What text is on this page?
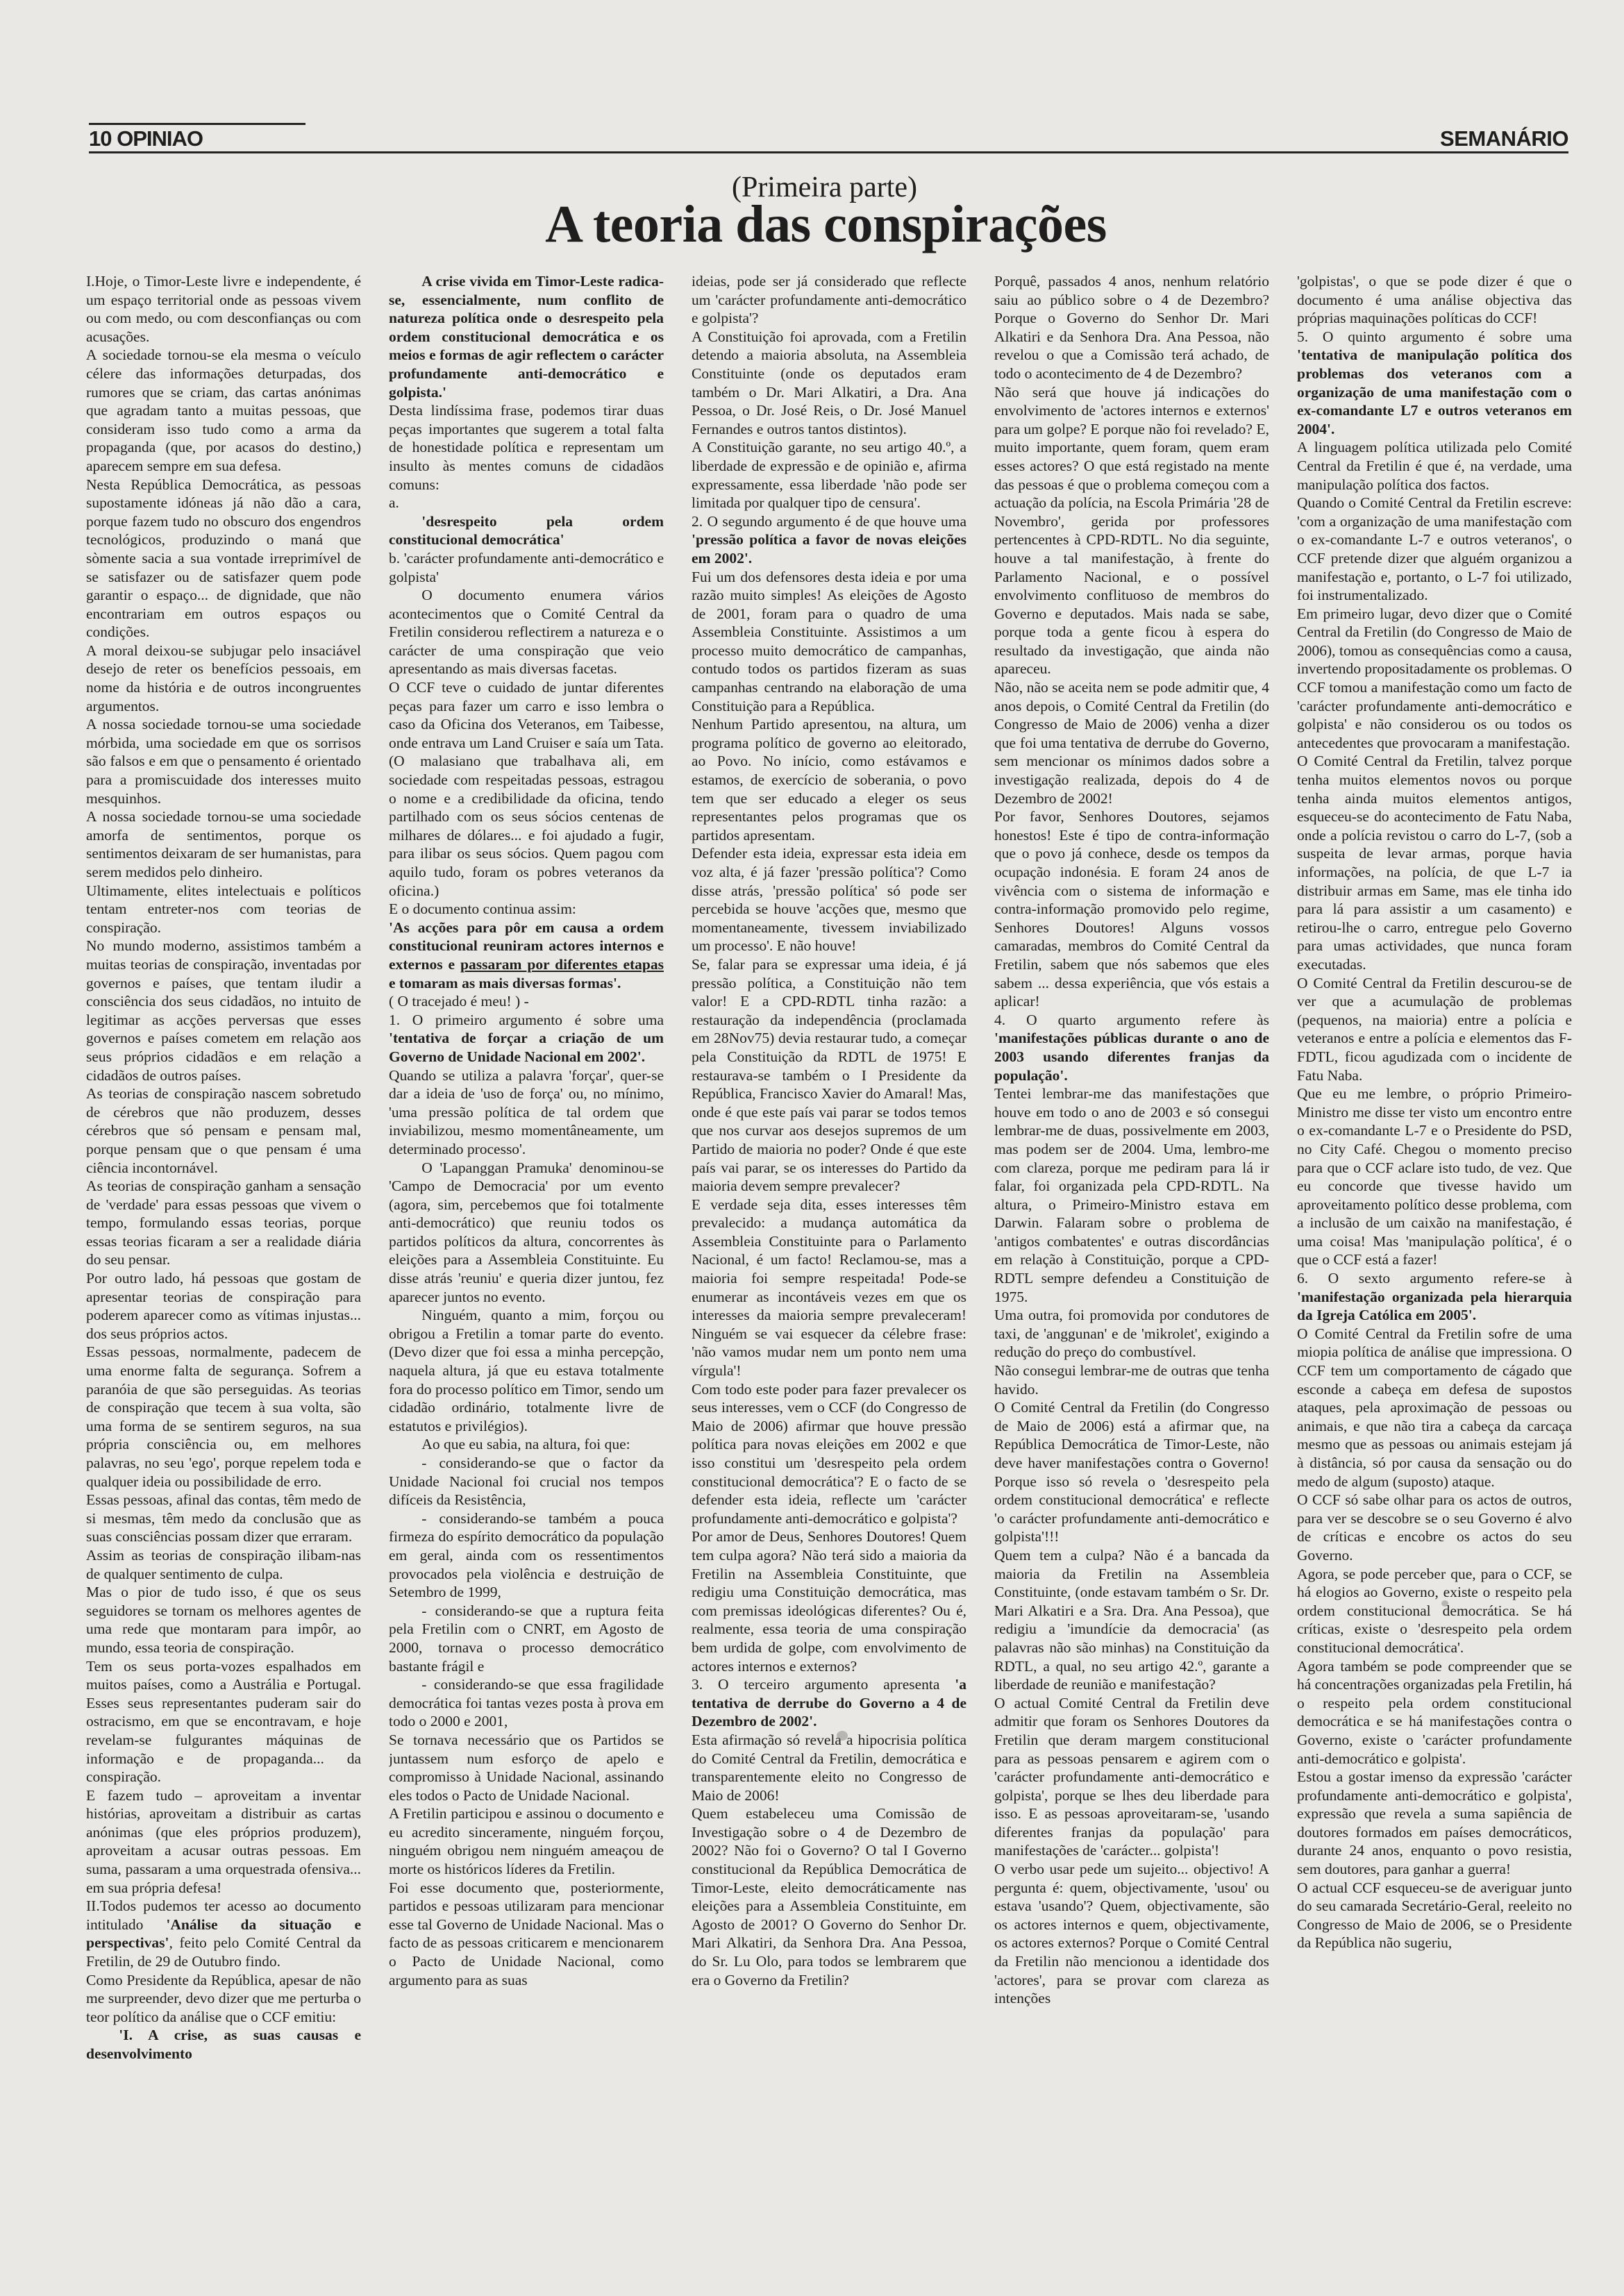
10 OPINIAO	SEMANÁRIO
(Primeira parte)
A teoria das conspirações

I.Hoje, o Timor-Leste livre e independente, é um espaço territorial onde as pessoas vivem ou com medo, ou com desconfianças ou com acusações.

A sociedade tornou-se ela mesma o veículo célere das informações deturpadas, dos rumores que se criam, das cartas anónimas que agradam tanto a muitas pessoas, que consideram isso tudo como a arma da propaganda (que, por acasos do destino,) aparecem sempre em sua defesa.

Nesta República Democrática, as pessoas supostamente idóneas já não dão a cara, porque fazem tudo no obscuro dos engendros tecnológicos, produzindo o maná que sòmente sacia a sua vontade irreprimível de se satisfazer ou de satisfazer quem pode garantir o espaço... de dignidade, que não encontrariam em outros espaços ou condições.

A moral deixou-se subjugar pelo insaciável desejo de reter os benefícios pessoais, em nome da história e de outros incongruentes argumentos.

A nossa sociedade tornou-se uma sociedade mórbida, uma sociedade em que os sorrisos são falsos e em que o pensamento é orientado para a promiscuidade dos interesses muito mesquinhos.

A nossa sociedade tornou-se uma sociedade amorfa de sentimentos, porque os sentimentos deixaram de ser humanistas, para serem medidos pelo dinheiro.

Ultimamente, elites intelectuais e políticos tentam entreter-nos com teorias de conspiração.

No mundo moderno, assistimos também a muitas teorias de conspiração, inventadas por governos e países, que tentam iludir a consciência dos seus cidadãos, no intuito de legitimar as acções perversas que esses governos e países cometem em relação aos seus próprios cidadãos e em relação a cidadãos de outros países.

As teorias de conspiração nascem sobretudo de cérebros que não produzem, desses cérebros que só pensam e pensam mal, porque pensam que o que pensam é uma ciência incontornável.

As teorias de conspiração ganham a sensação de 'verdade' para essas pessoas que vivem o tempo, formulando essas teorias, porque essas teorias ficaram a ser a realidade diária do seu pensar.

Por outro lado, há pessoas que gostam de apresentar teorias de conspiração para poderem aparecer como as vítimas injustas... dos seus próprios actos.

Essas pessoas, normalmente, padecem de uma enorme falta de segurança. Sofrem a paranóia de que são perseguidas. As teorias de conspiração que tecem à sua volta, são uma forma de se sentirem seguros, na sua própria consciência ou, em melhores palavras, no seu 'ego', porque repelem toda e qualquer ideia ou possibilidade de erro.

Essas pessoas, afinal das contas, têm medo de si mesmas, têm medo da conclusão que as suas consciências possam dizer que erraram.

Assim as teorias de conspiração ilibam-nas de qualquer sentimento de culpa.

Mas o pior de tudo isso, é que os seus seguidores se tornam os melhores agentes de uma rede que montaram para impôr, ao mundo, essa teoria de conspiração.

Tem os seus porta-vozes espalhados em muitos países, como a Austrália e Portugal. Esses seus representantes puderam sair do ostracismo, em que se encontravam, e hoje revelam-se fulgurantes máquinas de informação e de propaganda... da conspiração.

E fazem tudo – aproveitam a inventar histórias, aproveitam a distribuir as cartas anónimas (que eles próprios produzem), aproveitam a acusar outras pessoas. Em suma, passaram a uma orquestrada ofensiva... em sua própria defesa!

II.Todos pudemos ter acesso ao documento intitulado 'Análise da situação e perspectivas', feito pelo Comité Central da Fretilin, de 29 de Outubro findo.

Como Presidente da República, apesar de não me surpreender, devo dizer que me perturba o teor político da análise que o CCF emitiu:

'I. A crise, as suas causas e desenvolvimento

A crise vivida em Timor-Leste radica-se, essencialmente, num conflito de natureza política onde o desrespeito pela ordem constitucional democrática e os meios e formas de agir reflectem o carácter profundamente anti-democrático e golpista.'

Desta lindíssima frase, podemos tirar duas peças importantes que sugerem a total falta de honestidade política e representam um insulto às mentes comuns de cidadãos comuns:

a.
'desrespeito pela ordem constitucional democrática'

b. 'carácter profundamente anti-democrático e golpista'

O documento enumera vários acontecimentos que o Comité Central da Fretilin considerou reflectirem a natureza e o carácter de uma conspiração que veio apresentando as mais diversas facetas.

O CCF teve o cuidado de juntar diferentes peças para fazer um carro e isso lembra o caso da Oficina dos Veteranos, em Taibesse, onde entrava um Land Cruiser e saía um Tata. (O malasiano que trabalhava ali, em sociedade com respeitadas pessoas, estragou o nome e a credibilidade da oficina, tendo partilhado com os seus sócios centenas de milhares de dólares... e foi ajudado a fugir, para ilibar os seus sócios. Quem pagou com aquilo tudo, foram os pobres veteranos da oficina.)

E o documento continua assim:

'As acções para pôr em causa a ordem constitucional reuniram actores internos e externos e passaram por diferentes etapas e tomaram as mais diversas formas'.

( O tracejado é meu! ) -

1. O primeiro argumento é sobre uma 'tentativa de forçar a criação de um Governo de Unidade Nacional em 2002'.

Quando se utiliza a palavra 'forçar', quer-se dar a ideia de 'uso de força' ou, no mínimo, 'uma pressão política de tal ordem que inviabilizou, mesmo momentâneamente, um determinado processo'.

O 'Lapanggan Pramuka' denominou-se 'Campo de Democracia' por um evento (agora, sim, percebemos que foi totalmente anti-democrático) que reuniu todos os partidos políticos da altura, concorrentes às eleições para a Assembleia Constituinte. Eu disse atrás 'reuniu' e queria dizer juntou, fez aparecer juntos no evento.

Ninguém, quanto a mim, forçou ou obrigou a Fretilin a tomar parte do evento. (Devo dizer que foi essa a minha percepção, naquela altura, já que eu estava totalmente fora do processo político em Timor, sendo um cidadão ordinário, totalmente livre de estatutos e privilégios).

Ao que eu sabia, na altura, foi que:

- considerando-se que o factor da Unidade Nacional foi crucial nos tempos difíceis da Resistência,

- considerando-se também a pouca firmeza do espírito democrático da população em geral, ainda com os ressentimentos provocados pela violência e destruição de Setembro de 1999,

- considerando-se que a ruptura feita pela Fretilin com o CNRT, em Agosto de 2000, tornava o processo democrático bastante frágil e

- considerando-se que essa fragilidade democrática foi tantas vezes posta à prova em todo o 2000 e 2001,

Se tornava necessário que os Partidos se juntassem num esforço de apelo e compromisso à Unidade Nacional, assinando eles todos o Pacto de Unidade Nacional.

A Fretilin participou e assinou o documento e eu acredito sinceramente, ninguém forçou, ninguém obrigou nem ninguém ameaçou de morte os históricos líderes da Fretilin.

Foi esse documento que, posteriormente, partidos e pessoas utilizaram para mencionar esse tal Governo de Unidade Nacional. Mas o facto de as pessoas criticarem e mencionarem o Pacto de Unidade Nacional, como argumento para as suas

ideias, pode ser já considerado que reflecte um 'carácter profundamente anti-democrático e golpista'?

A Constituição foi aprovada, com a Fretilin detendo a maioria absoluta, na Assembleia Constituinte (onde os deputados eram também o Dr. Mari Alkatiri, a Dra. Ana Pessoa, o Dr. José Reis, o Dr. José Manuel Fernandes e outros tantos distintos).

A Constituição garante, no seu artigo 40.º, a liberdade de expressão e de opinião e, afirma expressamente, essa liberdade 'não pode ser limitada por qualquer tipo de censura'.

2. O segundo argumento é de que houve uma 'pressão política a favor de novas eleições em 2002'.

Fui um dos defensores desta ideia e por uma razão muito simples! As eleições de Agosto de 2001, foram para o quadro de uma Assembleia Constituinte. Assistimos a um processo muito democrático de campanhas, contudo todos os partidos fizeram as suas campanhas centrando na elaboração de uma Constituição para a República.

Nenhum Partido apresentou, na altura, um programa político de governo ao eleitorado, ao Povo. No início, como estávamos e estamos, de exercício de soberania, o povo tem que ser educado a eleger os seus representantes pelos programas que os partidos apresentam.

Defender esta ideia, expressar esta ideia em voz alta, é já fazer 'pressão política'? Como disse atrás, 'pressão política' só pode ser percebida se houve 'acções que, mesmo que momentaneamente, tivessem inviabilizado um processo'. E não houve!

Se, falar para se expressar uma ideia, é já pressão política, a Constituição não tem valor! E a CPD-RDTL tinha razão: a restauração da independência (proclamada em 28Nov75) devia restaurar tudo, a começar pela Constituição da RDTL de 1975! E restaurava-se também o I Presidente da República, Francisco Xavier do Amaral! Mas, onde é que este país vai parar se todos temos que nos curvar aos desejos supremos de um Partido de maioria no poder? Onde é que este país vai parar, se os interesses do Partido da maioria devem sempre prevalecer?

E verdade seja dita, esses interesses têm prevalecido: a mudança automática da Assembleia Constituinte para o Parlamento Nacional, é um facto! Reclamou-se, mas a maioria foi sempre respeitada! Pode-se enumerar as incontáveis vezes em que os interesses da maioria sempre prevaleceram! Ninguém se vai esquecer da célebre frase: 'não vamos mudar nem um ponto nem uma vírgula'!

Com todo este poder para fazer prevalecer os seus interesses, vem o CCF (do Congresso de Maio de 2006) afirmar que houve pressão política para novas eleições em 2002 e que isso constitui um 'desrespeito pela ordem constitucional democrática'? E o facto de se defender esta ideia, reflecte um 'carácter profundamente anti-democrático e golpista'?

Por amor de Deus, Senhores Doutores! Quem tem culpa agora? Não terá sido a maioria da Fretilin na Assembleia Constituinte, que redigiu uma Constituição democrática, mas com premissas ideológicas diferentes? Ou é, realmente, essa teoria de uma conspiração bem urdida de golpe, com envolvimento de actores internos e externos?

3. O terceiro argumento apresenta 'a tentativa de derrube do Governo a 4 de Dezembro de 2002'.

Esta afirmação só revela a hipocrisia política do Comité Central da Fretilin, democrática e transparentemente eleito no Congresso de Maio de 2006!

Quem estabeleceu uma Comissão de Investigação sobre o 4 de Dezembro de 2002? Não foi o Governo? O tal I Governo constitucional da República Democrática de Timor-Leste, eleito democráticamente nas eleições para a Assembleia Constituinte, em Agosto de 2001? O Governo do Senhor Dr. Mari Alkatiri, da Senhora Dra. Ana Pessoa, do Sr. Lu Olo, para todos se lembrarem que era o Governo da Fretilin?

Porquê, passados 4 anos, nenhum relatório saiu ao público sobre o 4 de Dezembro? Porque o Governo do Senhor Dr. Mari Alkatiri e da Senhora Dra. Ana Pessoa, não revelou o que a Comissão terá achado, de todo o acontecimento de 4 de Dezembro?

Não será que houve já indicações do envolvimento de 'actores internos e externos' para um golpe? E porque não foi revelado? E, muito importante, quem foram, quem eram esses actores? O que está registado na mente das pessoas é que o problema começou com a actuação da polícia, na Escola Primária '28 de Novembro', gerida por professores pertencentes à CPD-RDTL. No dia seguinte, houve a tal manifestação, à frente do Parlamento Nacional, e o possível envolvimento conflituoso de membros do Governo e deputados. Mais nada se sabe, porque toda a gente ficou à espera do resultado da investigação, que ainda não apareceu.

Não, não se aceita nem se pode admitir que, 4 anos depois, o Comité Central da Fretilin (do Congresso de Maio de 2006) venha a dizer que foi uma tentativa de derrube do Governo, sem mencionar os mínimos dados sobre a investigação realizada, depois do 4 de Dezembro de 2002!

Por favor, Senhores Doutores, sejamos honestos! Este é tipo de contra-informação que o povo já conhece, desde os tempos da ocupação indonésia. E foram 24 anos de vivência com o sistema de informação e contra-informação promovido pelo regime, Senhores Doutores! Alguns vossos camaradas, membros do Comité Central da Fretilin, sabem que nós sabemos que eles sabem ... dessa experiência, que vós estais a aplicar!

4. O quarto argumento refere às 'manifestações públicas durante o ano de 2003 usando diferentes franjas da população'.

Tentei lembrar-me das manifestações que houve em todo o ano de 2003 e só consegui lembrar-me de duas, possivelmente em 2003, mas podem ser de 2004. Uma, lembro-me com clareza, porque me pediram para lá ir falar, foi organizada pela CPD-RDTL. Na altura, o Primeiro-Ministro estava em Darwin. Falaram sobre o problema de 'antigos combatentes' e outras discordâncias em relação à Constituição, porque a CPD-RDTL sempre defendeu a Constituição de 1975.

Uma outra, foi promovida por condutores de taxi, de 'anggunan' e de 'mikrolet', exigindo a redução do preço do combustível.

Não consegui lembrar-me de outras que tenha havido.

O Comité Central da Fretilin (do Congresso de Maio de 2006) está a afirmar que, na República Democrática de Timor-Leste, não deve haver manifestações contra o Governo! Porque isso só revela o 'desrespeito pela ordem constitucional democrática' e reflecte 'o carácter profundamente anti-democrático e golpista'!!!

Quem tem a culpa? Não é a bancada da maioria da Fretilin na Assembleia Constituinte, (onde estavam também o Sr. Dr. Mari Alkatiri e a Sra. Dra. Ana Pessoa), que redigiu a 'imundície da democracia' (as palavras não são minhas) na Constituição da RDTL, a qual, no seu artigo 42.º, garante a liberdade de reunião e manifestação?

O actual Comité Central da Fretilin deve admitir que foram os Senhores Doutores da Fretilin que deram margem constitucional para as pessoas pensarem e agirem com o 'carácter profundamente anti-democrático e golpista', porque se lhes deu liberdade para isso. E as pessoas aproveitaram-se, 'usando diferentes franjas da população' para manifestações de 'carácter... golpista'!

O verbo usar pede um sujeito... objectivo! A pergunta é: quem, objectivamente, 'usou' ou estava 'usando'? Quem, objectivamente, são os actores internos e quem, objectivamente, os actores externos? Porque o Comité Central da Fretilin não mencionou a identidade dos 'actores', para se provar com clareza as intenções

'golpistas', o que se pode dizer é que o documento é uma análise objectiva das próprias maquinações políticas do CCF!

5. O quinto argumento é sobre uma 'tentativa de manipulação política dos problemas dos veteranos com a organização de uma manifestação com o ex-comandante L7 e outros veteranos em 2004'.

A linguagem política utilizada pelo Comité Central da Fretilin é que é, na verdade, uma manipulação política dos factos.

Quando o Comité Central da Fretilin escreve: 'com a organização de uma manifestação com o ex-comandante L-7 e outros veteranos', o CCF pretende dizer que alguém organizou a manifestação e, portanto, o L-7 foi utilizado, foi instrumentalizado.

Em primeiro lugar, devo dizer que o Comité Central da Fretilin (do Congresso de Maio de 2006), tomou as consequências como a causa, invertendo propositadamente os problemas. O CCF tomou a manifestação como um facto de 'carácter profundamente anti-democrático e golpista' e não considerou os ou todos os antecedentes que provocaram a manifestação.

O Comité Central da Fretilin, talvez porque tenha muitos elementos novos ou porque tenha ainda muitos elementos antigos, esqueceu-se do acontecimento de Fatu Naba, onde a polícia revistou o carro do L-7, (sob a suspeita de levar armas, porque havia informações, na polícia, de que L-7 ia distribuir armas em Same, mas ele tinha ido para lá para assistir a um casamento) e retirou-lhe o carro, entregue pelo Governo para umas actividades, que nunca foram executadas.

O Comité Central da Fretilin descurou-se de ver que a acumulação de problemas (pequenos, na maioria) entre a polícia e veteranos e entre a polícia e elementos das F-FDTL, ficou agudizada com o incidente de Fatu Naba.

Que eu me lembre, o próprio Primeiro-Ministro me disse ter visto um encontro entre o ex-comandante L-7 e o Presidente do PSD, no City Café. Chegou o momento preciso para que o CCF aclare isto tudo, de vez. Que eu concorde que tivesse havido um aproveitamento político desse problema, com a inclusão de um caixão na manifestação, é uma coisa! Mas 'manipulação política', é o que o CCF está a fazer!

6. O sexto argumento refere-se à 'manifestação organizada pela hierarquia da Igreja Católica em 2005'.

O Comité Central da Fretilin sofre de uma miopia política de análise que impressiona. O CCF tem um comportamento de cágado que esconde a cabeça em defesa de supostos ataques, pela aproximação de pessoas ou animais, e que não tira a cabeça da carcaça mesmo que as pessoas ou animais estejam já à distância, só por causa da sensação ou do medo de algum (suposto) ataque.

O CCF só sabe olhar para os actos de outros, para ver se descobre se o seu Governo é alvo de críticas e encobre os actos do seu Governo.

Agora, se pode perceber que, para o CCF, se há elogios ao Governo, existe o respeito pela ordem constitucional democrática. Se há críticas, existe o 'desrespeito pela ordem constitucional democrática'.

Agora também se pode compreender que se há concentrações organizadas pela Fretilin, há o respeito pela ordem constitucional democrática e se há manifestações contra o Governo, existe o 'carácter profundamente anti-democrático e golpista'.

Estou a gostar imenso da expressão 'carácter profundamente anti-democrático e golpista', expressão que revela a suma sapiência de doutores formados em países democráticos, durante 24 anos, enquanto o povo resistia, sem doutores, para ganhar a guerra!

O actual CCF esqueceu-se de averiguar junto do seu camarada Secretário-Geral, reeleito no Congresso de Maio de 2006, se o Presidente da República não sugeriu,
